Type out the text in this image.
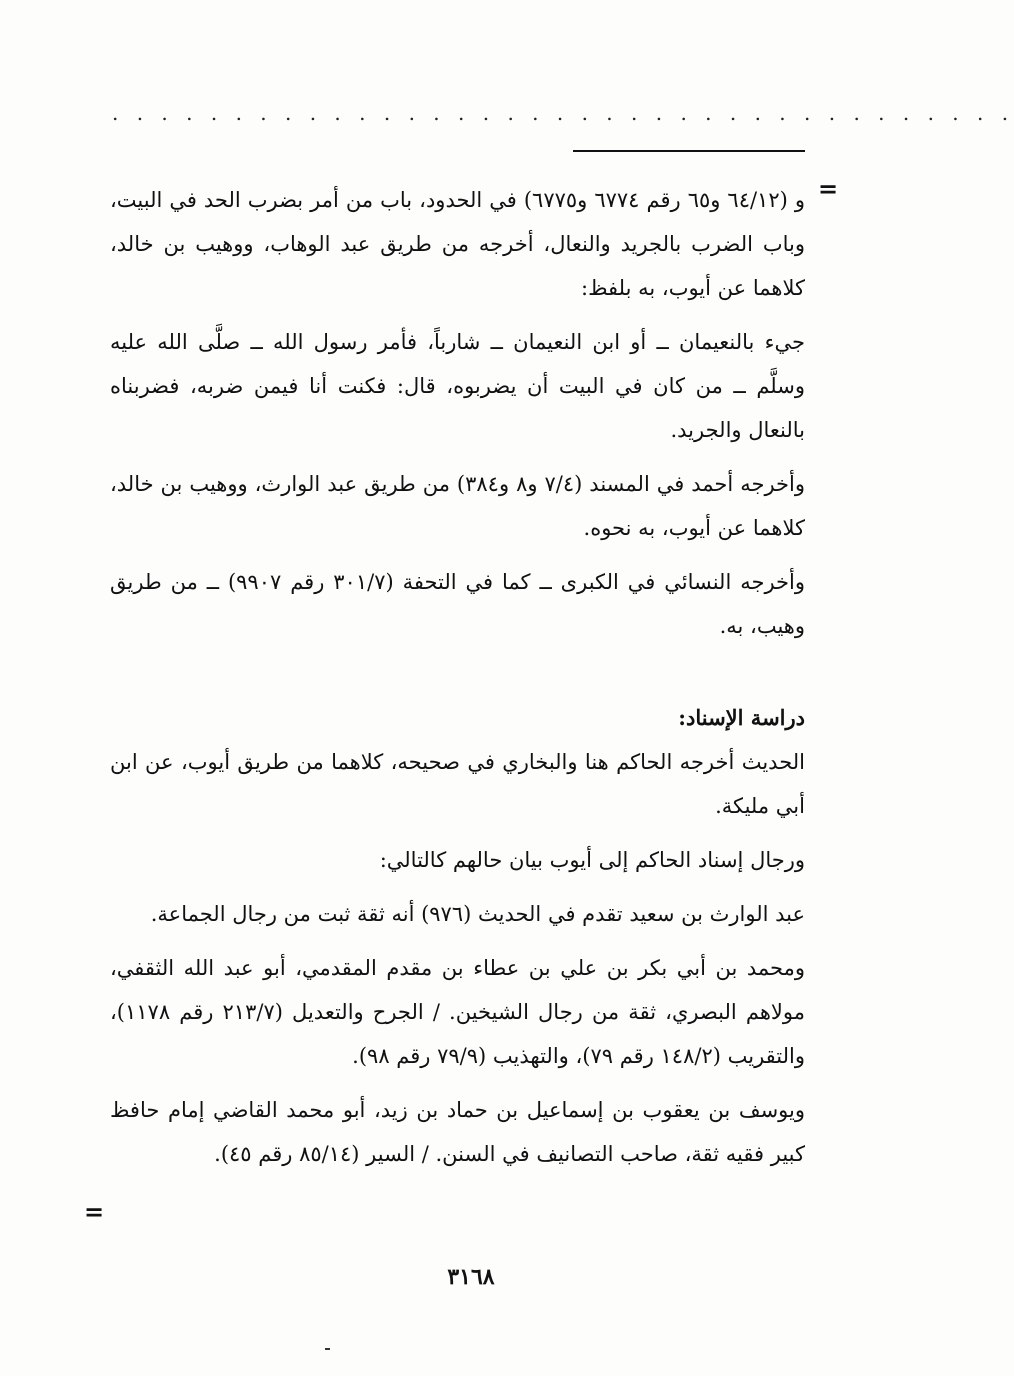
. . . . . . . . . . . . . . . . . . . . . . . . . . . . . . . . . . . . .
=

و (٦٤/١٢ و٦٥ رقم ٦٧٧٤ و٦٧٧٥) في الحدود، باب من أمر بضرب الحد في البيت، وباب الضرب بالجريد والنعال، أخرجه من طريق عبد الوهاب، ووهيب بن خالد، كلاهما عن أيوب، به بلفظ:

جيء بالنعيمان ــ أو ابن النعيمان ــ شارباً، فأمر رسول الله ــ صلَّى الله عليه وسلَّم ــ من كان في البيت أن يضربوه، قال: فكنت أنا فيمن ضربه، فضربناه بالنعال والجريد.

وأخرجه أحمد في المسند (٧/٤ و٨ و٣٨٤) من طريق عبد الوارث، ووهيب بن خالد، كلاهما عن أيوب، به نحوه.

وأخرجه النسائي في الكبرى ــ كما في التحفة (٣٠١/٧ رقم ٩٩٠٧) ــ من طريق وهيب، به.

دراسة الإسناد:

الحديث أخرجه الحاكم هنا والبخاري في صحيحه، كلاهما من طريق أيوب، عن ابن أبي مليكة.

ورجال إسناد الحاكم إلى أيوب بيان حالهم كالتالي:

عبد الوارث بن سعيد تقدم في الحديث (٩٧٦) أنه ثقة ثبت من رجال الجماعة.

ومحمد بن أبي بكر بن علي بن عطاء بن مقدم المقدمي، أبو عبد الله الثقفي، مولاهم البصري، ثقة من رجال الشيخين. / الجرح والتعديل (٢١٣/٧ رقم ١١٧٨)، والتقريب (١٤٨/٢ رقم ٧٩)، والتهذيب (٧٩/٩ رقم ٩٨).

ويوسف بن يعقوب بن إسماعيل بن حماد بن زيد، أبو محمد القاضي إمام حافظ كبير فقيه ثقة، صاحب التصانيف في السنن. / السير (٨٥/١٤ رقم ٤٥).

=
٣١٦٨
